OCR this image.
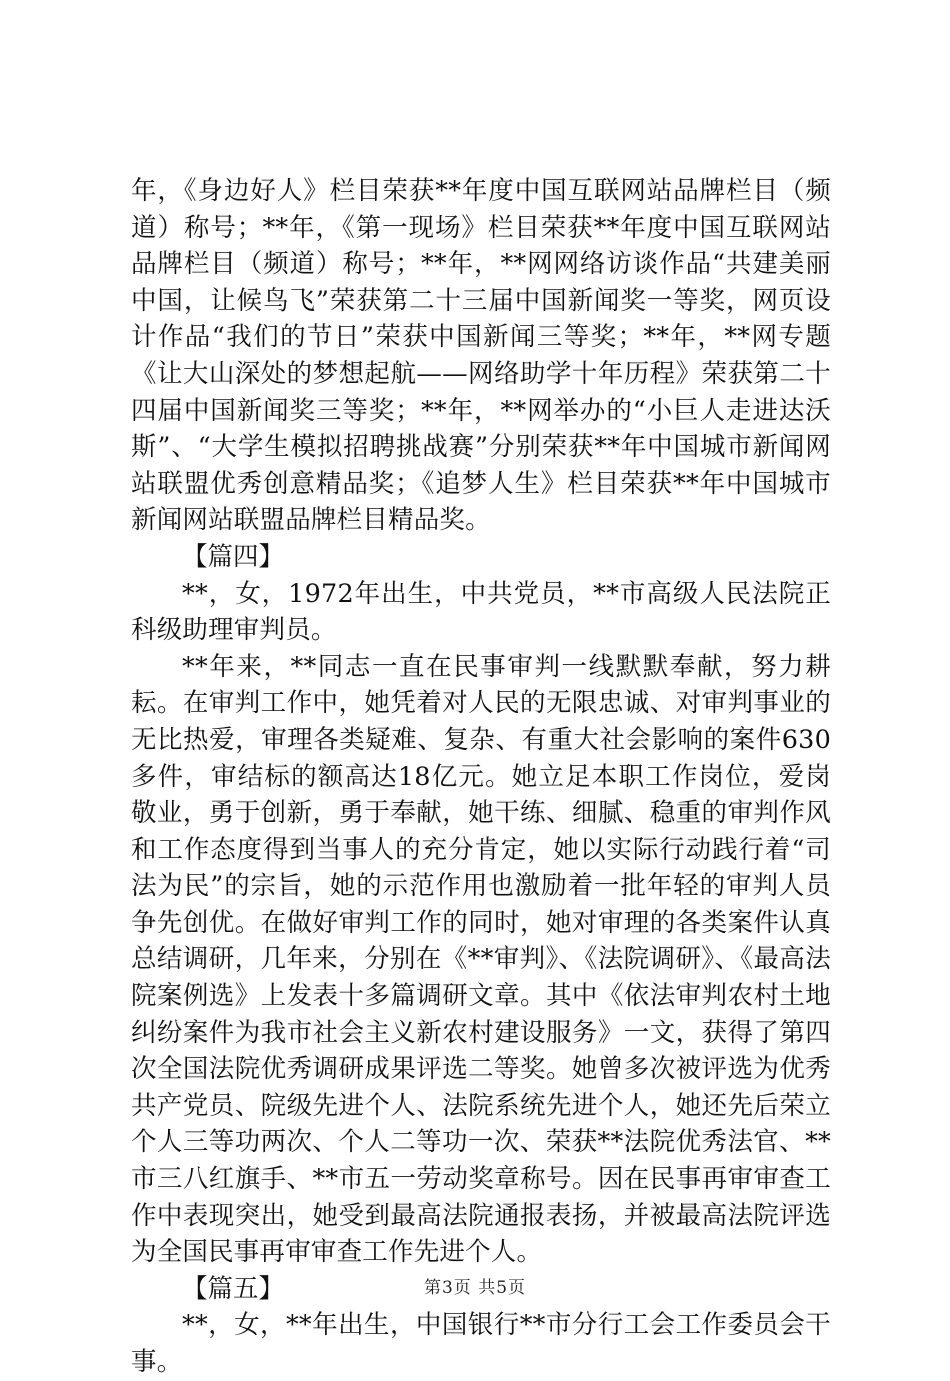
年，《身边好人》栏目荣获**年度中国互联网站品牌栏目（频道）称号；**年，《第一现场》栏目荣获**年度中国互联网站品牌栏目（频道）称号；**年，**网网络访谈作品“共建美丽中国，让候鸟飞”荣获第二十三届中国新闻奖一等奖，网页设计作品“我们的节日”荣获中国新闻三等奖；**年，**网专题《让大山深处的梦想起航——网络助学十年历程》荣获第二十四届中国新闻奖三等奖；**年，**网举办的“小巨人走进达沃斯”、“大学生模拟招聘挑战赛”分别荣获**年中国城市新闻网站联盟优秀创意精品奖；《追梦人生》栏目荣获**年中国城市新闻网站联盟品牌栏目精品奖。

【篇四】

**，女，1972年出生，中共党员，**市高级人民法院正科级助理审判员。

**年来，**同志一直在民事审判一线默默奉献，努力耕耘。在审判工作中，她凭着对人民的无限忠诚、对审判事业的无比热爱，审理各类疑难、复杂、有重大社会影响的案件630多件，审结标的额高达18亿元。她立足本职工作岗位，爱岗敬业，勇于创新，勇于奉献，她干练、细腻、稳重的审判作风和工作态度得到当事人的充分肯定，她以实际行动践行着“司法为民”的宗旨，她的示范作用也激励着一批年轻的审判人员争先创优。在做好审判工作的同时，她对审理的各类案件认真总结调研，几年来，分别在《**审判》、《法院调研》、《最高法院案例选》上发表十多篇调研文章。其中《依法审判农村土地纠纷案件为我市社会主义新农村建设服务》一文，获得了第四次全国法院优秀调研成果评选二等奖。她曾多次被评选为优秀共产党员、院级先进个人、法院系统先进个人，她还先后荣立个人三等功两次、个人二等功一次、荣获**法院优秀法官、**市三八红旗手、**市五一劳动奖章称号。因在民事再审审查工作中表现突出，她受到最高法院通报表扬，并被最高法院评选为全国民事再审审查工作先进个人。

【篇五】

**，女，**年出生，中国银行**市分行工会工作委员会干事。

第3页 共5页
